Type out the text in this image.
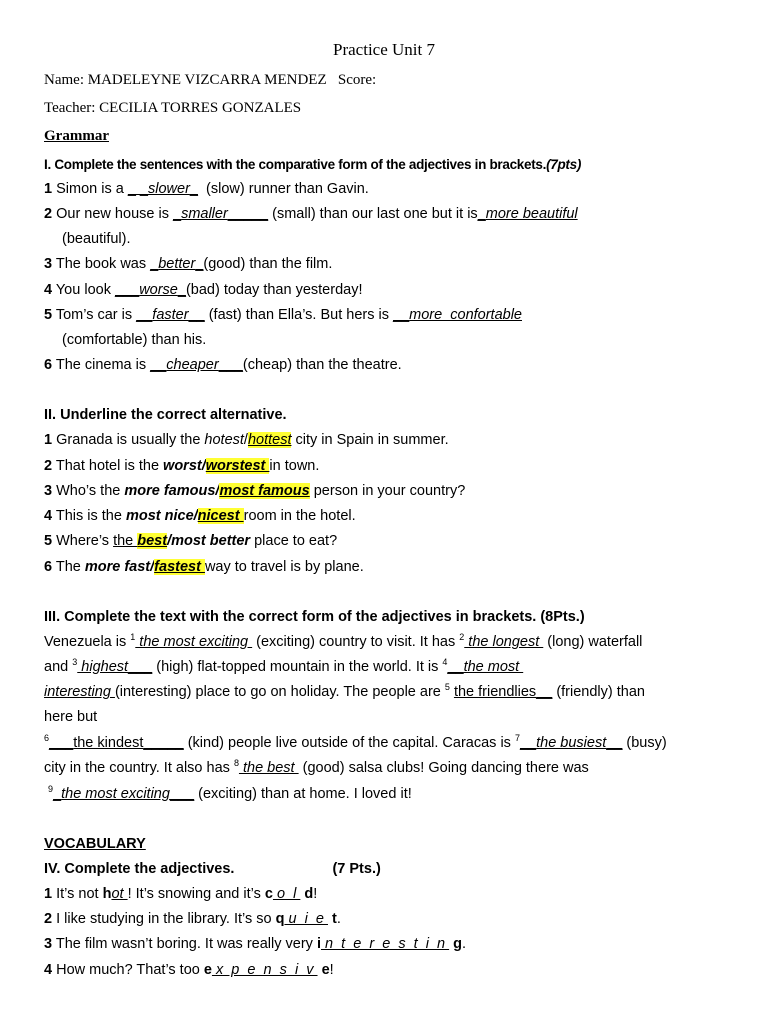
Practice Unit 7
Name: MADELEYNE VIZCARRA MENDEZ Score:
Teacher: CECILIA TORRES GONZALES
Grammar
I. Complete the sentences with the comparative form of the adjectives in brackets.(7pts)
1 Simon is a _ _slower_  (slow) runner than Gavin.
2 Our new house is _smaller_____ (small) than our last one but it is_more beautiful
(beautiful).
3 The book was _better_(good) than the film.
4 You look ___worse_(bad) today than yesterday!
5 Tom’s car is __faster__ (fast) than Ella’s. But hers is __more  confortable
(comfortable) than his.
6 The cinema is __cheaper___(cheap) than the theatre.
II. Underline the correct alternative.
1 Granada is usually the hotest/hottest city in Spain in summer.
2 That hotel is the worst/worstest in town.
3 Who’s the more famous/most famous person in your country?
4 This is the most nice/nicest room in the hotel.
5 Where’s the best/most better place to eat?
6 The more fast/fastest way to travel is by plane.
III. Complete the text with the correct form of the adjectives in brackets. (8Pts.)
Venezuela is $^1$ the most exciting  (exciting) country to visit. It has $^2$ the longest  (long) waterfall
and $^3$ highest___ (high) flat-topped mountain in the world. It is $^4$__the most
interesting (interesting) place to go on holiday. The people are $^5$ the friendlies__ (friendly) than
here but
$^6$___the kindest_____ (kind) people live outside of the capital. Caracas is $^7$__the busiest__ (busy)
city in the country. It also has $^8$ the best  (good) salsa clubs! Going dancing there was
$^9$_the most exciting___ (exciting) than at home. I loved it!
VOCABULARY
IV. Complete the adjectives.	(7 Pts.)
1 It’s not hot ! It’s snowing and it’s c o  l  d!
2 I like studying in the library. It’s so q u  i  e  t.
3 The film wasn’t boring. It was really very i n  t  e  r  e  s  t  i  n  g.
4 How much? That’s too e x  p  e  n  s  i  v  e!
